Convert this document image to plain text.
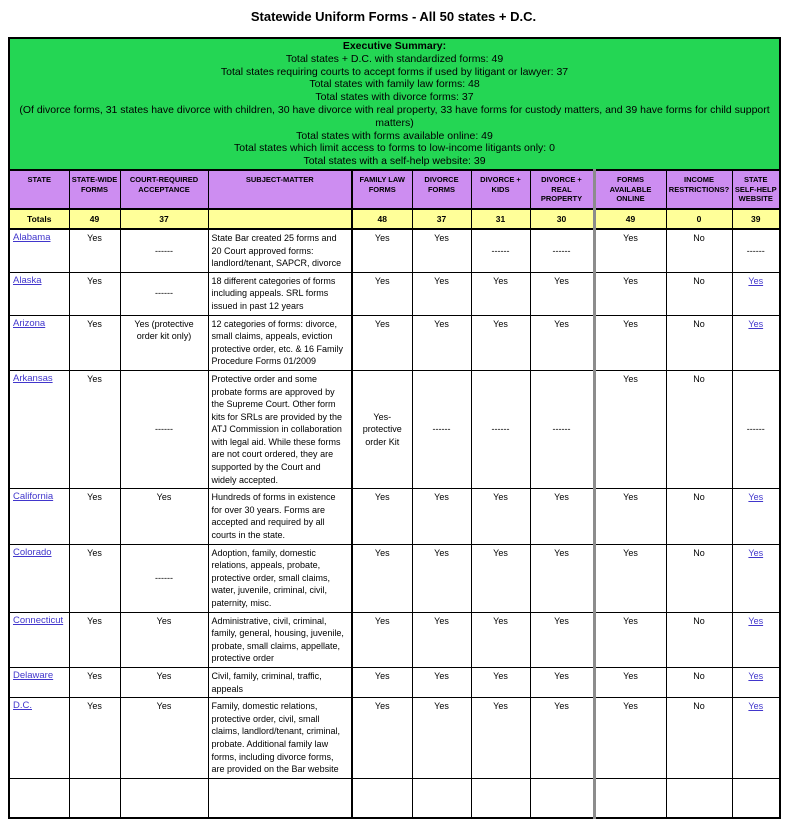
Statewide Uniform Forms - All 50 states + D.C.
Executive Summary:
Total states + D.C. with standardized forms: 49
Total states requiring courts to accept forms if used by litigant or lawyer: 37
Total states with family law forms: 48
Total states with divorce forms: 37
(Of divorce forms, 31 states have divorce with children, 30 have divorce with real property, 33 have forms for custody matters, and 39 have forms for child support matters)
Total states with forms available online: 49
Total states which limit access to forms to low-income litigants only: 0
Total states with a self-help website: 39

STATE	STATE-WIDE FORMS	COURT-REQUIRED ACCEPTANCE	SUBJECT-MATTER	FAMILY LAW FORMS	DIVORCE FORMS	DIVORCE + KIDS	DIVORCE + REAL PROPERTY	FORMS AVAILABLE ONLINE	INCOME RESTRICTIONS?	STATE SELF-HELP WEBSITE
Totals	49	37		48	37	31	30	49	0	39
Alabama	Yes	------	State Bar created 25 forms and 20 Court approved forms: landlord/tenant, SAPCR, divorce	Yes	Yes	------	------	Yes	No	------
Alaska	Yes	------	18 different categories of forms including appeals. SRL forms issued in past 12 years	Yes	Yes	Yes	Yes	Yes	No	Yes
Arizona	Yes	Yes (protective order kit only)	12 categories of forms: divorce, small claims, appeals, eviction protective order, etc. & 16 Family Procedure Forms 01/2009	Yes	Yes	Yes	Yes	Yes	No	Yes
Arkansas	Yes	------	Protective order and some probate forms are approved by the Supreme Court. Other form kits for SRLs are provided by the ATJ Commission in collaboration with legal aid. While these forms are not court ordered, they are supported by the Court and widely accepted.	Yes- protective order Kit	------	------	------	Yes	No	------
California	Yes	Yes	Hundreds of forms in existence for over 30 years. Forms are accepted and required by all courts in the state.	Yes	Yes	Yes	Yes	Yes	No	Yes
Colorado	Yes	------	Adoption, family, domestic relations, appeals, probate, protective order, small claims, water, juvenile, criminal, civil, paternity, misc.	Yes	Yes	Yes	Yes	Yes	No	Yes
Connecticut	Yes	Yes	Administrative, civil, criminal, family, general, housing, juvenile, probate, small claims, appellate, protective order	Yes	Yes	Yes	Yes	Yes	No	Yes
Delaware	Yes	Yes	Civil, family, criminal, traffic, appeals	Yes	Yes	Yes	Yes	Yes	No	Yes
D.C.	Yes	Yes	Family, domestic relations, protective order, civil, small claims, landlord/tenant, criminal, probate. Additional family law forms, including divorce forms, are provided on the Bar website	Yes	Yes	Yes	Yes	Yes	No	Yes
